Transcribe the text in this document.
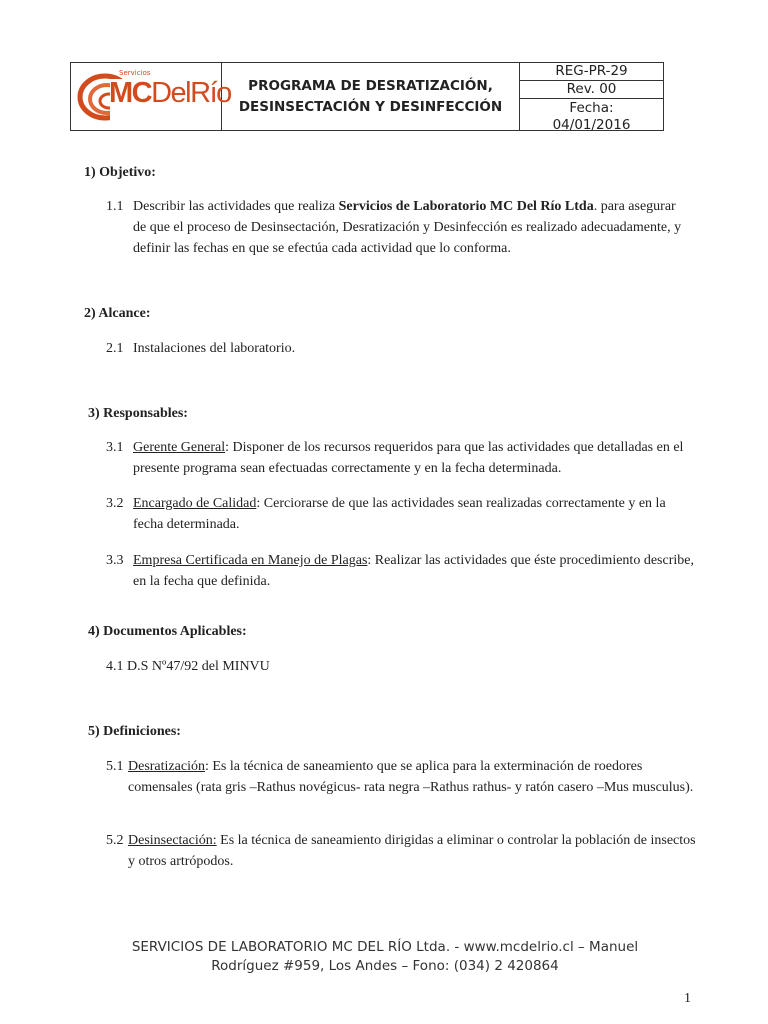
Servicios
MCDelRío PROGRAMA DE DESRATIZACIÓN,
DESINSECTACIÓN Y DESINFECCIÓN
REG-PR-29
Rev. 00
Fecha:
04/01/2016
1) Objetivo:
1.1 Describir las actividades que realiza Servicios de Laboratorio MC Del Río Ltda. para asegurar de que el proceso de Desinsectación, Desratización y Desinfección es realizado adecuadamente, y definir las fechas en que se efectúa cada actividad que lo conforma.
2) Alcance:
2.1 Instalaciones del laboratorio.
3) Responsables:
3.1 Gerente General: Disponer de los recursos requeridos para que las actividades que detalladas en el presente programa sean efectuadas correctamente y en la fecha determinada.
3.2 Encargado de Calidad: Cerciorarse de que las actividades sean realizadas correctamente y en la fecha determinada.
3.3 Empresa Certificada en Manejo de Plagas: Realizar las actividades que éste procedimiento describe, en la fecha que definida.
4) Documentos Aplicables:
4.1 D.S Nº47/92 del MINVU
5) Definiciones:
5.1 Desratización: Es la técnica de saneamiento que se aplica para la exterminación de roedores comensales (rata gris –Rathus novégicus- rata negra –Rathus rathus- y ratón casero –Mus musculus).
5.2 Desinsectación: Es la técnica de saneamiento dirigidas a eliminar o controlar la población de insectos y otros artrópodos.
SERVICIOS DE LABORATORIO MC DEL RÍO Ltda. - www.mcdelrio.cl – Manuel
Rodríguez #959, Los Andes – Fono: (034) 2 420864
1
